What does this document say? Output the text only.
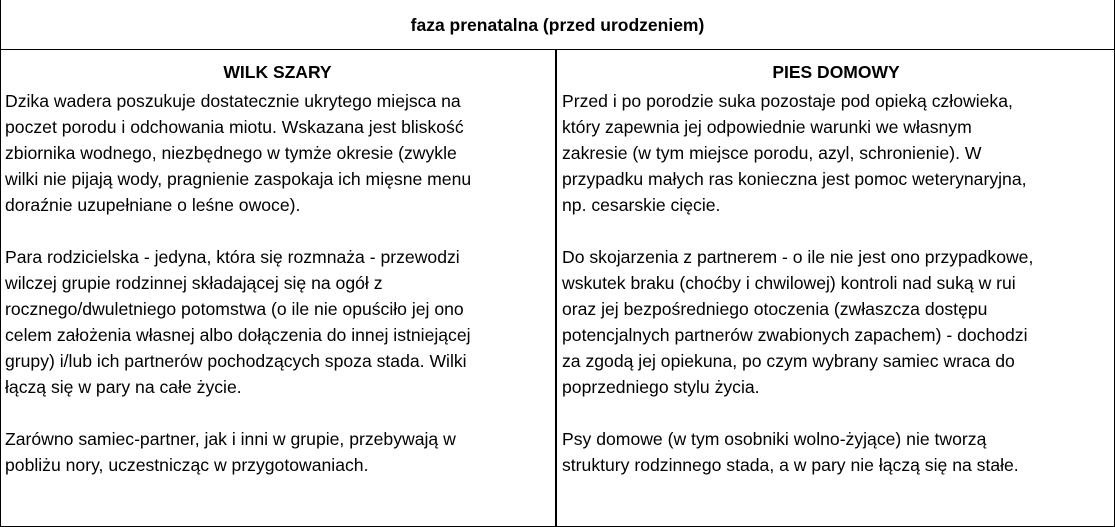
faza prenatalna (przed urodzeniem)
WILK SZARY	PIES DOMOWY
Dzika wadera poszukuje dostatecznie ukrytego miejsca na
poczet porodu i odchowania miotu. Wskazana jest bliskość
zbiornika wodnego, niezbędnego w tymże okresie (zwykle
wilki nie pijają wody, pragnienie zaspokaja ich mięsne menu
doraźnie uzupełniane o leśne owoce).
Para rodzicielska - jedyna, która się rozmnaża - przewodzi
wilczej grupie rodzinnej składającej się na ogół z
rocznego/dwuletniego potomstwa (o ile nie opuściło jej ono
celem założenia własnej albo dołączenia do innej istniejącej
grupy) i/lub ich partnerów pochodzących spoza stada. Wilki
łączą się w pary na całe życie.
Zarówno samiec-partner, jak i inni w grupie, przebywają w
pobliżu nory, uczestnicząc w przygotowaniach.
Przed i po porodzie suka pozostaje pod opieką człowieka,
który zapewnia jej odpowiednie warunki we własnym
zakresie (w tym miejsce porodu, azyl, schronienie). W
przypadku małych ras konieczna jest pomoc weterynaryjna,
np. cesarskie cięcie.
Do skojarzenia z partnerem - o ile nie jest ono przypadkowe,
wskutek braku (choćby i chwilowej) kontroli nad suką w rui
oraz jej bezpośredniego otoczenia (zwłaszcza dostępu
potencjalnych partnerów zwabionych zapachem) - dochodzi
za zgodą jej opiekuna, po czym wybrany samiec wraca do
poprzedniego stylu życia.
Psy domowe (w tym osobniki wolno-żyjące) nie tworzą
struktury rodzinnego stada, a w pary nie łączą się na stałe.
